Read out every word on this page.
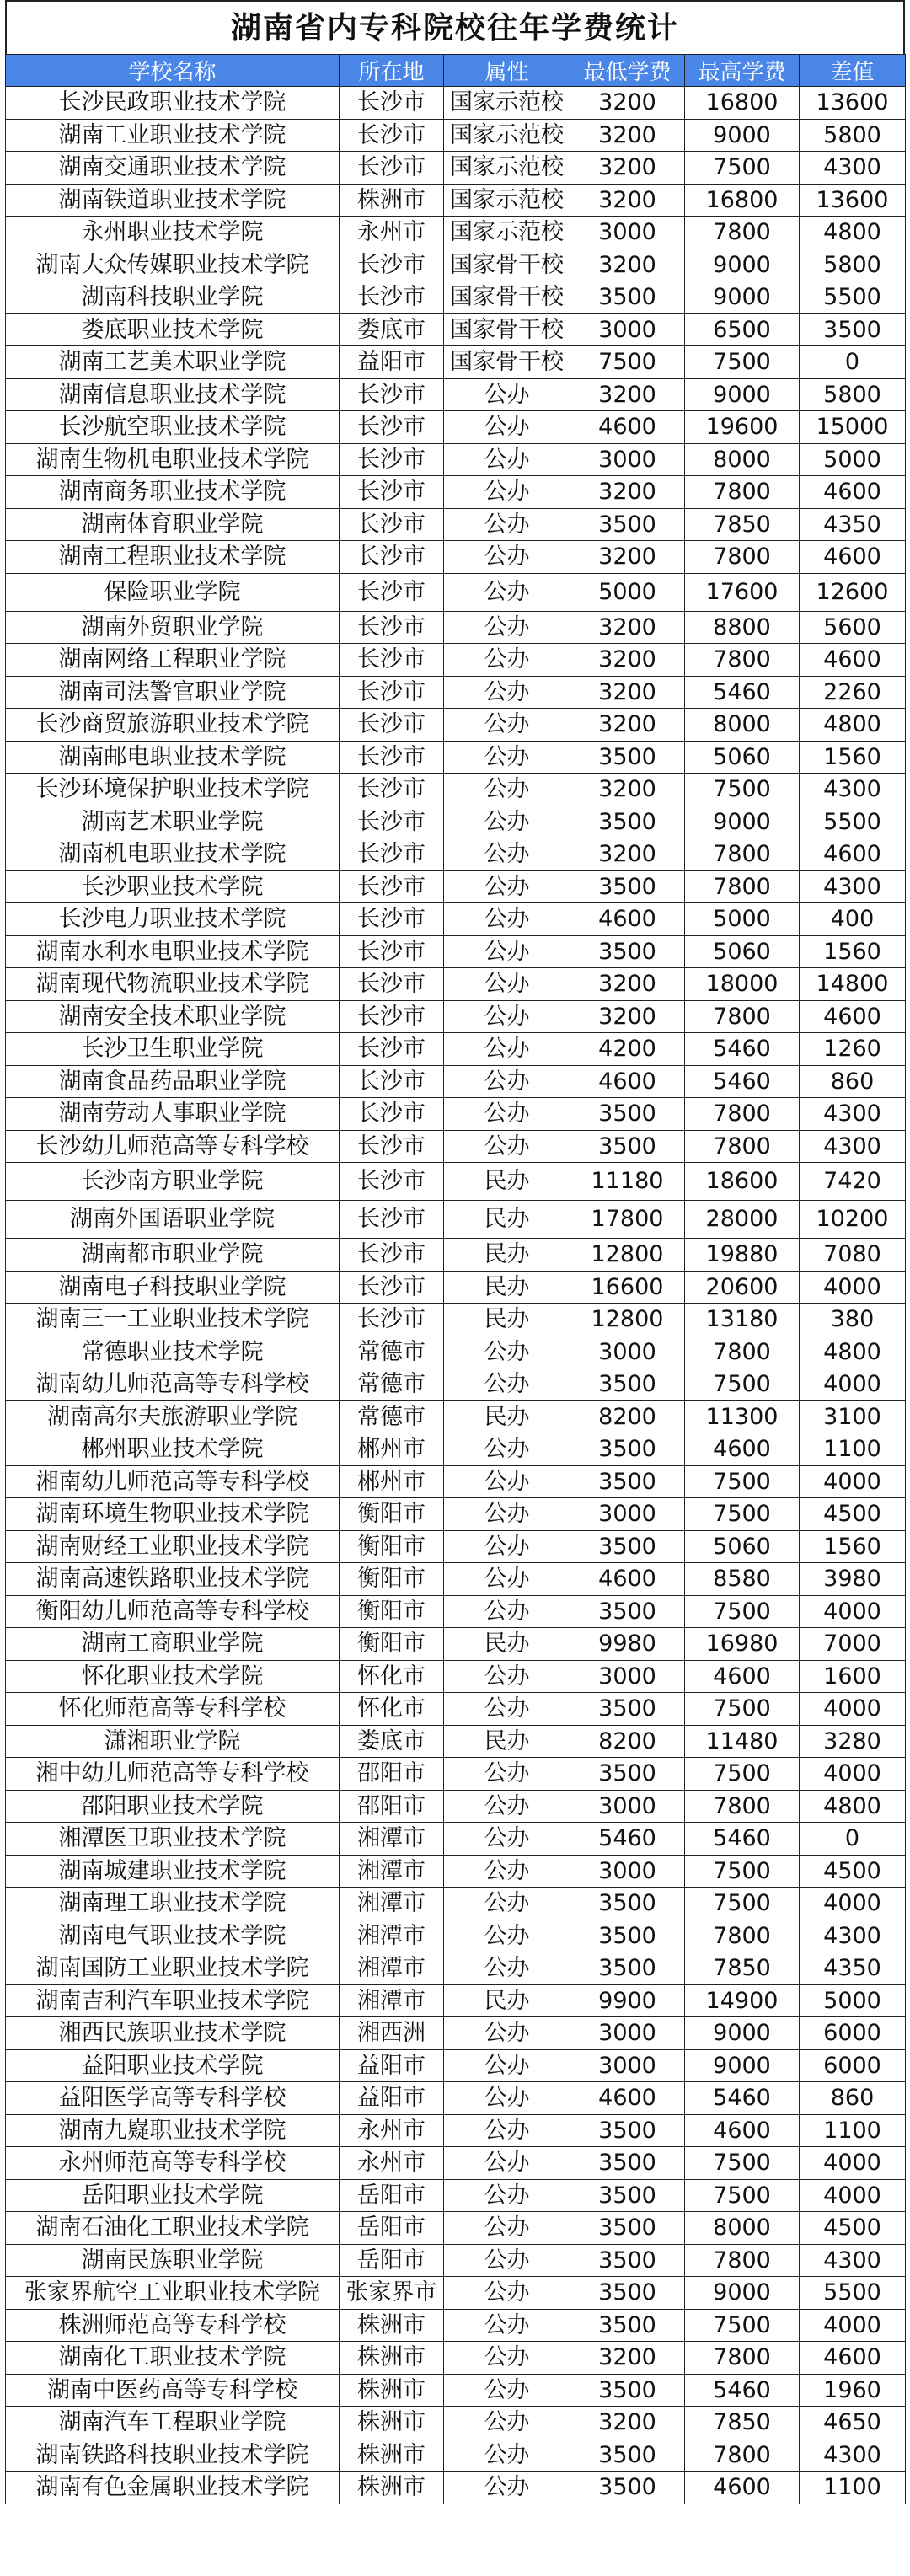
湖南省内专科院校往年学费统计
学校名称	所在地	属性	最低学费	最高学费	差值
长沙民政职业技术学院	长沙市	国家示范校	3200	16800	13600
湖南工业职业技术学院	长沙市	国家示范校	3200	9000	5800
湖南交通职业技术学院	长沙市	国家示范校	3200	7500	4300
湖南铁道职业技术学院	株洲市	国家示范校	3200	16800	13600
永州职业技术学院	永州市	国家示范校	3000	7800	4800
湖南大众传媒职业技术学院	长沙市	国家骨干校	3200	9000	5800
湖南科技职业学院	长沙市	国家骨干校	3500	9000	5500
娄底职业技术学院	娄底市	国家骨干校	3000	6500	3500
湖南工艺美术职业学院	益阳市	国家骨干校	7500	7500	0
湖南信息职业技术学院	长沙市	公办	3200	9000	5800
长沙航空职业技术学院	长沙市	公办	4600	19600	15000
湖南生物机电职业技术学院	长沙市	公办	3000	8000	5000
湖南商务职业技术学院	长沙市	公办	3200	7800	4600
湖南体育职业学院	长沙市	公办	3500	7850	4350
湖南工程职业技术学院	长沙市	公办	3200	7800	4600
保险职业学院	长沙市	公办	5000	17600	12600
湖南外贸职业学院	长沙市	公办	3200	8800	5600
湖南网络工程职业学院	长沙市	公办	3200	7800	4600
湖南司法警官职业学院	长沙市	公办	3200	5460	2260
长沙商贸旅游职业技术学院	长沙市	公办	3200	8000	4800
湖南邮电职业技术学院	长沙市	公办	3500	5060	1560
长沙环境保护职业技术学院	长沙市	公办	3200	7500	4300
湖南艺术职业学院	长沙市	公办	3500	9000	5500
湖南机电职业技术学院	长沙市	公办	3200	7800	4600
长沙职业技术学院	长沙市	公办	3500	7800	4300
长沙电力职业技术学院	长沙市	公办	4600	5000	400
湖南水利水电职业技术学院	长沙市	公办	3500	5060	1560
湖南现代物流职业技术学院	长沙市	公办	3200	18000	14800
湖南安全技术职业学院	长沙市	公办	3200	7800	4600
长沙卫生职业学院	长沙市	公办	4200	5460	1260
湖南食品药品职业学院	长沙市	公办	4600	5460	860
湖南劳动人事职业学院	长沙市	公办	3500	7800	4300
长沙幼儿师范高等专科学校	长沙市	公办	3500	7800	4300
长沙南方职业学院	长沙市	民办	11180	18600	7420
湖南外国语职业学院	长沙市	民办	17800	28000	10200
湖南都市职业学院	长沙市	民办	12800	19880	7080
湖南电子科技职业学院	长沙市	民办	16600	20600	4000
湖南三一工业职业技术学院	长沙市	民办	12800	13180	380
常德职业技术学院	常德市	公办	3000	7800	4800
湖南幼儿师范高等专科学校	常德市	公办	3500	7500	4000
湖南高尔夫旅游职业学院	常德市	民办	8200	11300	3100
郴州职业技术学院	郴州市	公办	3500	4600	1100
湘南幼儿师范高等专科学校	郴州市	公办	3500	7500	4000
湖南环境生物职业技术学院	衡阳市	公办	3000	7500	4500
湖南财经工业职业技术学院	衡阳市	公办	3500	5060	1560
湖南高速铁路职业技术学院	衡阳市	公办	4600	8580	3980
衡阳幼儿师范高等专科学校	衡阳市	公办	3500	7500	4000
湖南工商职业学院	衡阳市	民办	9980	16980	7000
怀化职业技术学院	怀化市	公办	3000	4600	1600
怀化师范高等专科学校	怀化市	公办	3500	7500	4000
潇湘职业学院	娄底市	民办	8200	11480	3280
湘中幼儿师范高等专科学校	邵阳市	公办	3500	7500	4000
邵阳职业技术学院	邵阳市	公办	3000	7800	4800
湘潭医卫职业技术学院	湘潭市	公办	5460	5460	0
湖南城建职业技术学院	湘潭市	公办	3000	7500	4500
湖南理工职业技术学院	湘潭市	公办	3500	7500	4000
湖南电气职业技术学院	湘潭市	公办	3500	7800	4300
湖南国防工业职业技术学院	湘潭市	公办	3500	7850	4350
湖南吉利汽车职业技术学院	湘潭市	民办	9900	14900	5000
湘西民族职业技术学院	湘西洲	公办	3000	9000	6000
益阳职业技术学院	益阳市	公办	3000	9000	6000
益阳医学高等专科学校	益阳市	公办	4600	5460	860
湖南九嶷职业技术学院	永州市	公办	3500	4600	1100
永州师范高等专科学校	永州市	公办	3500	7500	4000
岳阳职业技术学院	岳阳市	公办	3500	7500	4000
湖南石油化工职业技术学院	岳阳市	公办	3500	8000	4500
湖南民族职业学院	岳阳市	公办	3500	7800	4300
张家界航空工业职业技术学院	张家界市	公办	3500	9000	5500
株洲师范高等专科学校	株洲市	公办	3500	7500	4000
湖南化工职业技术学院	株洲市	公办	3200	7800	4600
湖南中医药高等专科学校	株洲市	公办	3500	5460	1960
湖南汽车工程职业学院	株洲市	公办	3200	7850	4650
湖南铁路科技职业技术学院	株洲市	公办	3500	7800	4300
湖南有色金属职业技术学院	株洲市	公办	3500	4600	1100
